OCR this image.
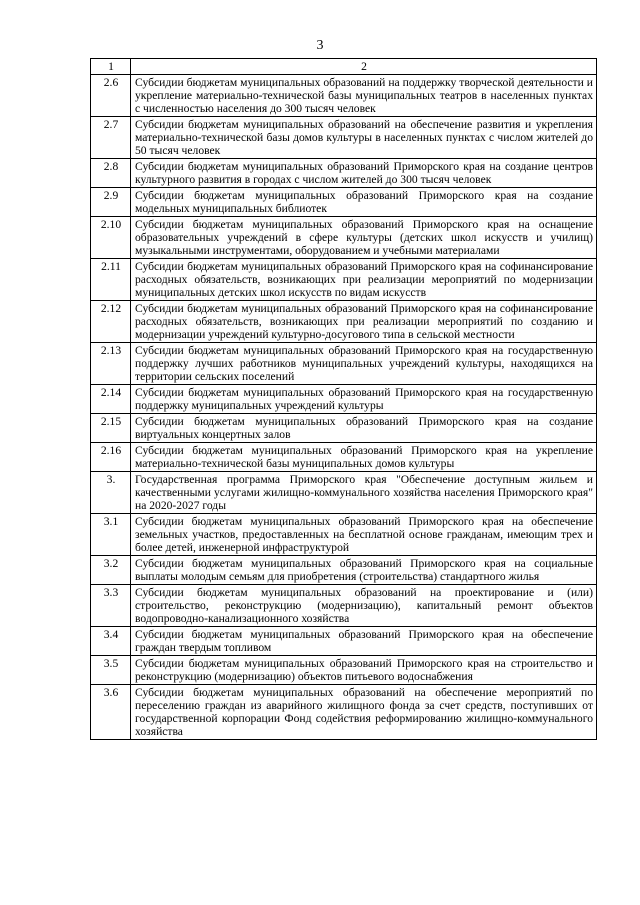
3
1	2
2.6	Субсидии бюджетам муниципальных образований на поддержку творческой деятельности и укрепление материально-технической базы муниципальных театров в населенных пунктах с численностью населения до 300 тысяч человек
2.7	Субсидии бюджетам муниципальных образований на обеспечение развития и укрепления материально-технической базы домов культуры в населенных пунктах с числом жителей до 50 тысяч человек
2.8	Субсидии бюджетам муниципальных образований Приморского края на создание центров культурного развития в городах с числом жителей до 300 тысяч человек
2.9	Субсидии бюджетам муниципальных образований Приморского края на создание модельных муниципальных библиотек
2.10	Субсидии бюджетам муниципальных образований Приморского края на оснащение образовательных учреждений в сфере культуры (детских школ искусств и училищ) музыкальными инструментами, оборудованием и учебными материалами
2.11	Субсидии бюджетам муниципальных образований Приморского края на софинансирование расходных обязательств, возникающих при реализации мероприятий по модернизации муниципальных детских школ искусств по видам искусств
2.12	Субсидии бюджетам муниципальных образований Приморского края на софинансирование расходных обязательств, возникающих при реализации мероприятий по созданию и модернизации учреждений культурно-досугового типа в сельской местности
2.13	Субсидии бюджетам муниципальных образований Приморского края на государственную поддержку лучших работников муниципальных учреждений культуры, находящихся на территории сельских поселений
2.14	Субсидии бюджетам муниципальных образований Приморского края на государственную поддержку муниципальных учреждений культуры
2.15	Субсидии бюджетам муниципальных образований Приморского края на создание виртуальных концертных залов
2.16	Субсидии бюджетам муниципальных образований Приморского края на укрепление материально-технической базы муниципальных домов культуры
3.	Государственная программа Приморского края "Обеспечение доступным жильем и качественными услугами жилищно-коммунального хозяйства населения Приморского края" на 2020-2027 годы
3.1	Субсидии бюджетам муниципальных образований Приморского края на обеспечение земельных участков, предоставленных на бесплатной основе гражданам, имеющим трех и более детей, инженерной инфраструктурой
3.2	Субсидии бюджетам муниципальных образований Приморского края на социальные выплаты молодым семьям для приобретения (строительства) стандартного жилья
3.3	Субсидии бюджетам муниципальных образований на проектирование и (или) строительство, реконструкцию (модернизацию), капитальный ремонт объектов водопроводно-канализационного хозяйства
3.4	Субсидии бюджетам муниципальных образований Приморского края на обеспечение граждан твердым топливом
3.5	Субсидии бюджетам муниципальных образований Приморского края на строительство и реконструкцию (модернизацию) объектов питьевого водоснабжения
3.6	Субсидии бюджетам муниципальных образований на обеспечение мероприятий по переселению граждан из аварийного жилищного фонда за счет средств, поступивших от государственной корпорации Фонд содействия реформированию жилищно-коммунального хозяйства
